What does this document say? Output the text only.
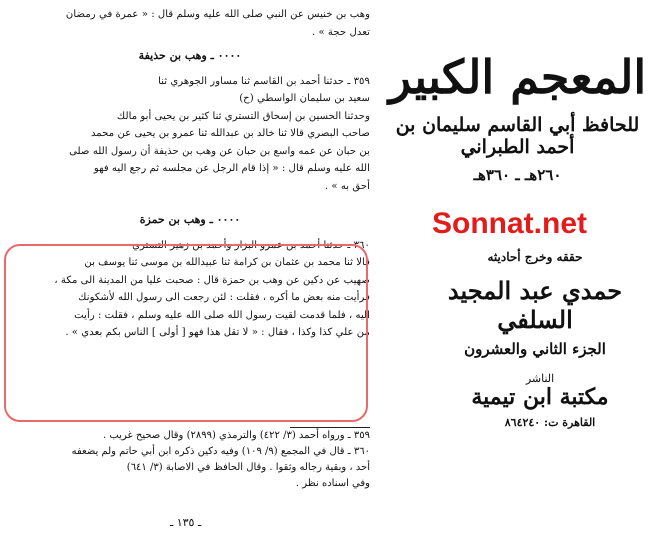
وهب بن خنيس عن النبي صلى الله عليه وسلم قال : « عمرة في رمضان
تعدل حجة » .
٠٠٠٠ ـ وهب بن حذيفة
٣٥٩ ـ حدثنا أحمد بن القاسم ثنا مساور الجوهري ثنا
سعيد بن سليمان الواسطي (ح)
وحدثنا الحسين بن إسحاق التستري ثنا كثير بن يحيى أبو مالك
صاحب البصري قالا ثنا خالد بن عبدالله ثنا عمرو بن يحيى عن محمد
بن حبان عن عمه واسع بن حبان عن وهب بن حذيفة أن رسول الله صلى
الله عليه وسلم قال : « إذا قام الرجل عن مجلسه ثم رجع اليه فهو
أحق به » .
٠٠٠٠ ـ وهب بن حمزة
٣٦٠ ـ حدثنا أحمد بن عمرو البزار وأحمد بن زهير التستري
قالا ثنا محمد بن عثمان بن كرامة ثنا عبيدالله بن موسى ثنا يوسف بن
صهيب عن دكين عن وهب بن حمزة قال : صحبت عليا من المدينة الى مكة ،
فرأيت منه بعض ما أكره ، فقلت : لئن رجعت الى رسول الله لأشكونك
اليه ، فلما قدمت لقيت رسول الله صلى الله عليه وسلم ، فقلت : رأيت
من علي كذا وكذا ، فقال : « لا تقل هذا فهو [ أولى ] الناس بكم بعدي » .
٣٥٩ ـ ورواه أحمد (٣/ ٤٢٢) والترمذي (٢٨٩٩) وقال صحيح غريب .
٣٦٠ ـ قال في المجمع (٩/ ١٠٩) وفيه دكين ذكره ابن أبي حاتم ولم يضعفه
أحد ، وبقية رجاله وثقوا . وقال الحافظ في الاصابة (٣/ ٦٤١)
وفي اسناده نظر .
ـ ١٣٥ ـ
المعجم الكبير
للحافظ أبي القاسم سليمان بن أحمد الطبراني
٢٦٠هـ ـ ٣٦٠هـ
Sonnat.net
حققه وخرج أحاديثه
حمدي عبد المجيد السلفي
الجزء الثاني والعشرون
الناشر
مكتبة ابن تيمية
القاهرة ت: ٨٦٤٢٤٠
